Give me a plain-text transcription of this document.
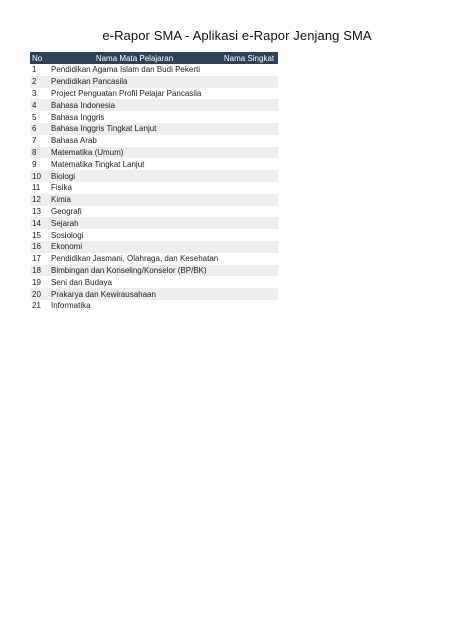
e-Rapor SMA - Aplikasi e-Rapor Jenjang SMA
No	Nama Mata Pelajaran	Nama Singkat
1	Pendidikan Agama Islam dan Budi Pekerti	
2	Pendidikan Pancasila	
3	Project Penguatan Profil Pelajar Pancasila	
4	Bahasa Indonesia	
5	Bahasa Inggris	
6	Bahasa Inggris Tingkat Lanjut	
7	Bahasa Arab	
8	Matematika (Umum)	
9	Matematika Tingkat Lanjut	
10	Biologi	
11	Fisika	
12	Kimia	
13	Geografi	
14	Sejarah	
15	Sosiologi	
16	Ekonomi	
17	Pendidikan Jasmani, Olahraga, dan Kesehatan	
18	Bimbingan dan Konseling/Konselor (BP/BK)	
19	Seni dan Budaya	
20	Prakarya dan Kewirausahaan	
21	Informatika	
